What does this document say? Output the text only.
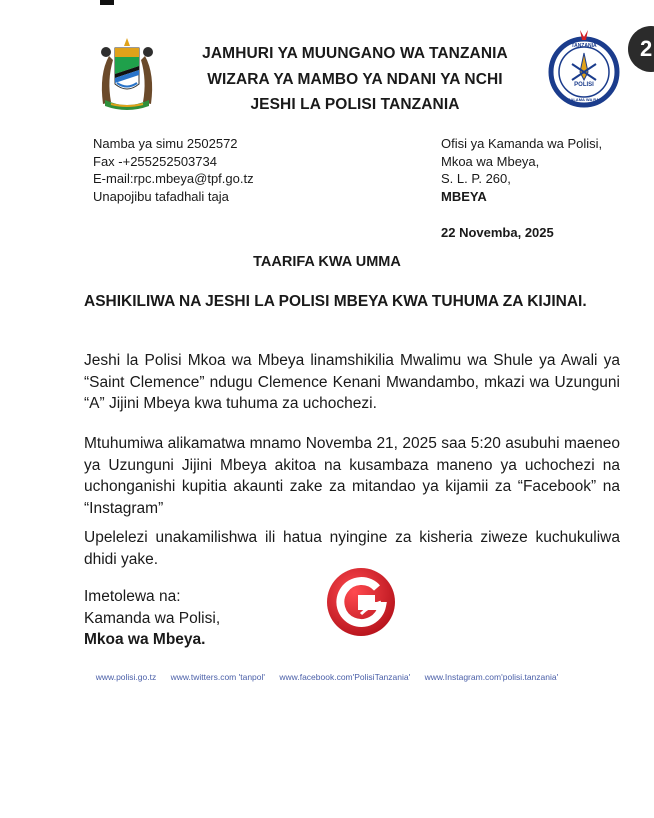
2
POLISI
TANZANIA
USALAMA WA RAIA
JAMHURI YA MUUNGANO WA TANZANIA
WIZARA YA MAMBO YA NDANI YA NCHI
JESHI LA POLISI TANZANIA
Namba ya simu 2502572
Fax -+255252503734
E-mail:rpc.mbeya@tpf.go.tz
Unapojibu tafadhali taja
Ofisi ya Kamanda wa Polisi,
Mkoa wa Mbeya,
S. L. P. 260,
MBEYA
22 Novemba, 2025
TAARIFA KWA UMMA
ASHIKILIWA NA JESHI LA POLISI MBEYA KWA TUHUMA ZA KIJINAI.
Jeshi la Polisi Mkoa wa Mbeya linamshikilia Mwalimu wa Shule ya Awali ya “Saint Clemence” ndugu Clemence Kenani Mwandambo, mkazi wa Uzunguni “A” Jijini Mbeya kwa tuhuma za uchochezi.
Mtuhumiwa alikamatwa mnamo Novemba 21, 2025 saa 5:20 asubuhi maeneo ya Uzunguni Jijini Mbeya akitoa na kusambaza maneno ya uchochezi na uchonganishi kupitia akaunti zake za mitandao ya kijamii za “Facebook” na “Instagram”
Upelelezi unakamilishwa ili hatua nyingine za kisheria ziweze kuchukuliwa dhidi yake.
Imetolewa na:
Kamanda wa Polisi,
Mkoa wa Mbeya.
www.polisi.go.tz www.twitters.com 'tanpol' www.facebook.com'PolisiTanzania' www.Instagram.com'polisi.tanzania'
